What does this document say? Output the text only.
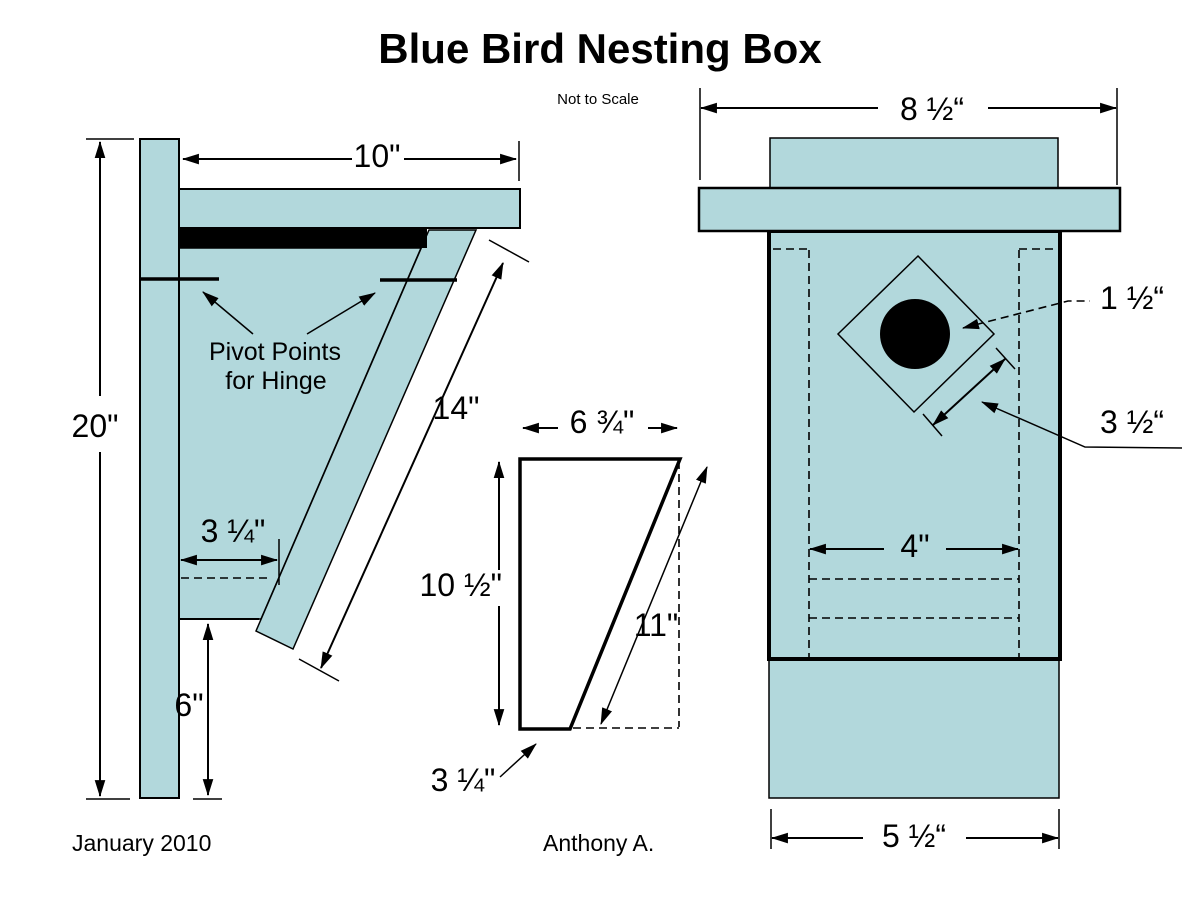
20"
10"
Pivot Points
for Hinge
3 ¼"
6"
14"	6 ¾"
10 ½"
11"
3 ¼"
1 ½“
3 ½“
8 ½“
4"
5 ½“
Blue Bird Nesting Box
Not to Scale
January 2010	Anthony A.
